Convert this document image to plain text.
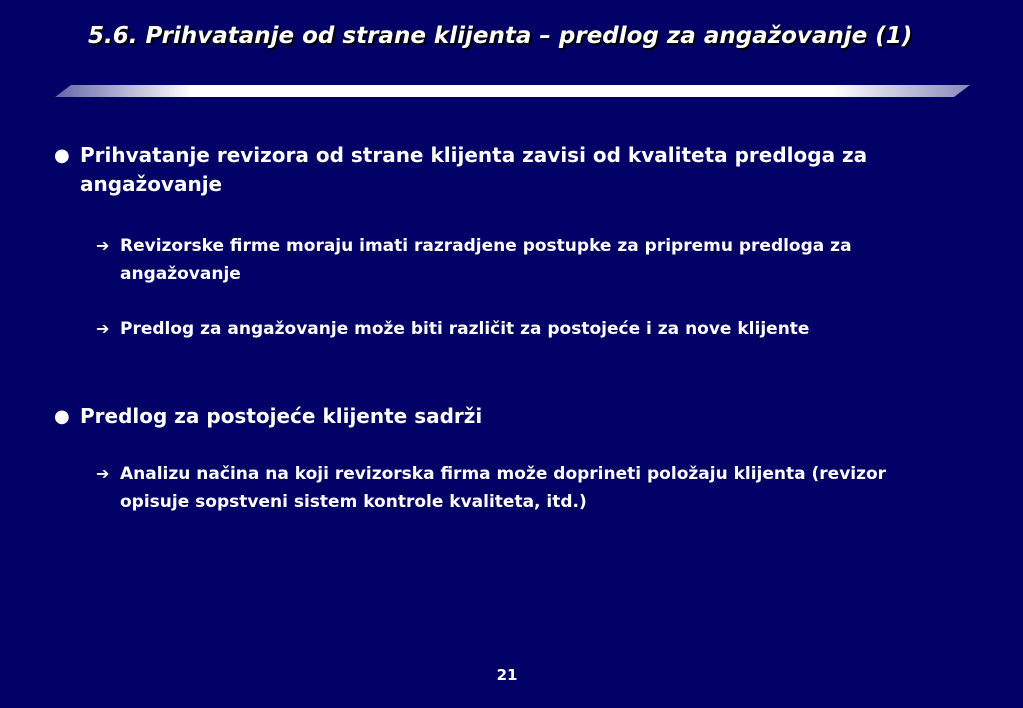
5.6. Prihvatanje od strane klijenta – predlog za angažovanje (1)
● Prihvatanje revizora od strane klijenta zavisi od kvaliteta predloga za angažovanje
➔ Revizorske firme moraju imati razradjene postupke za pripremu predloga za angažovanje
➔ Predlog za angažovanje može biti različit za postojeće i za nove klijente
● Predlog za postojeće klijente sadrži
➔ Analizu načina na koji revizorska firma može doprineti položaju klijenta (revizor opisuje sopstveni sistem kontrole kvaliteta, itd.)
21
